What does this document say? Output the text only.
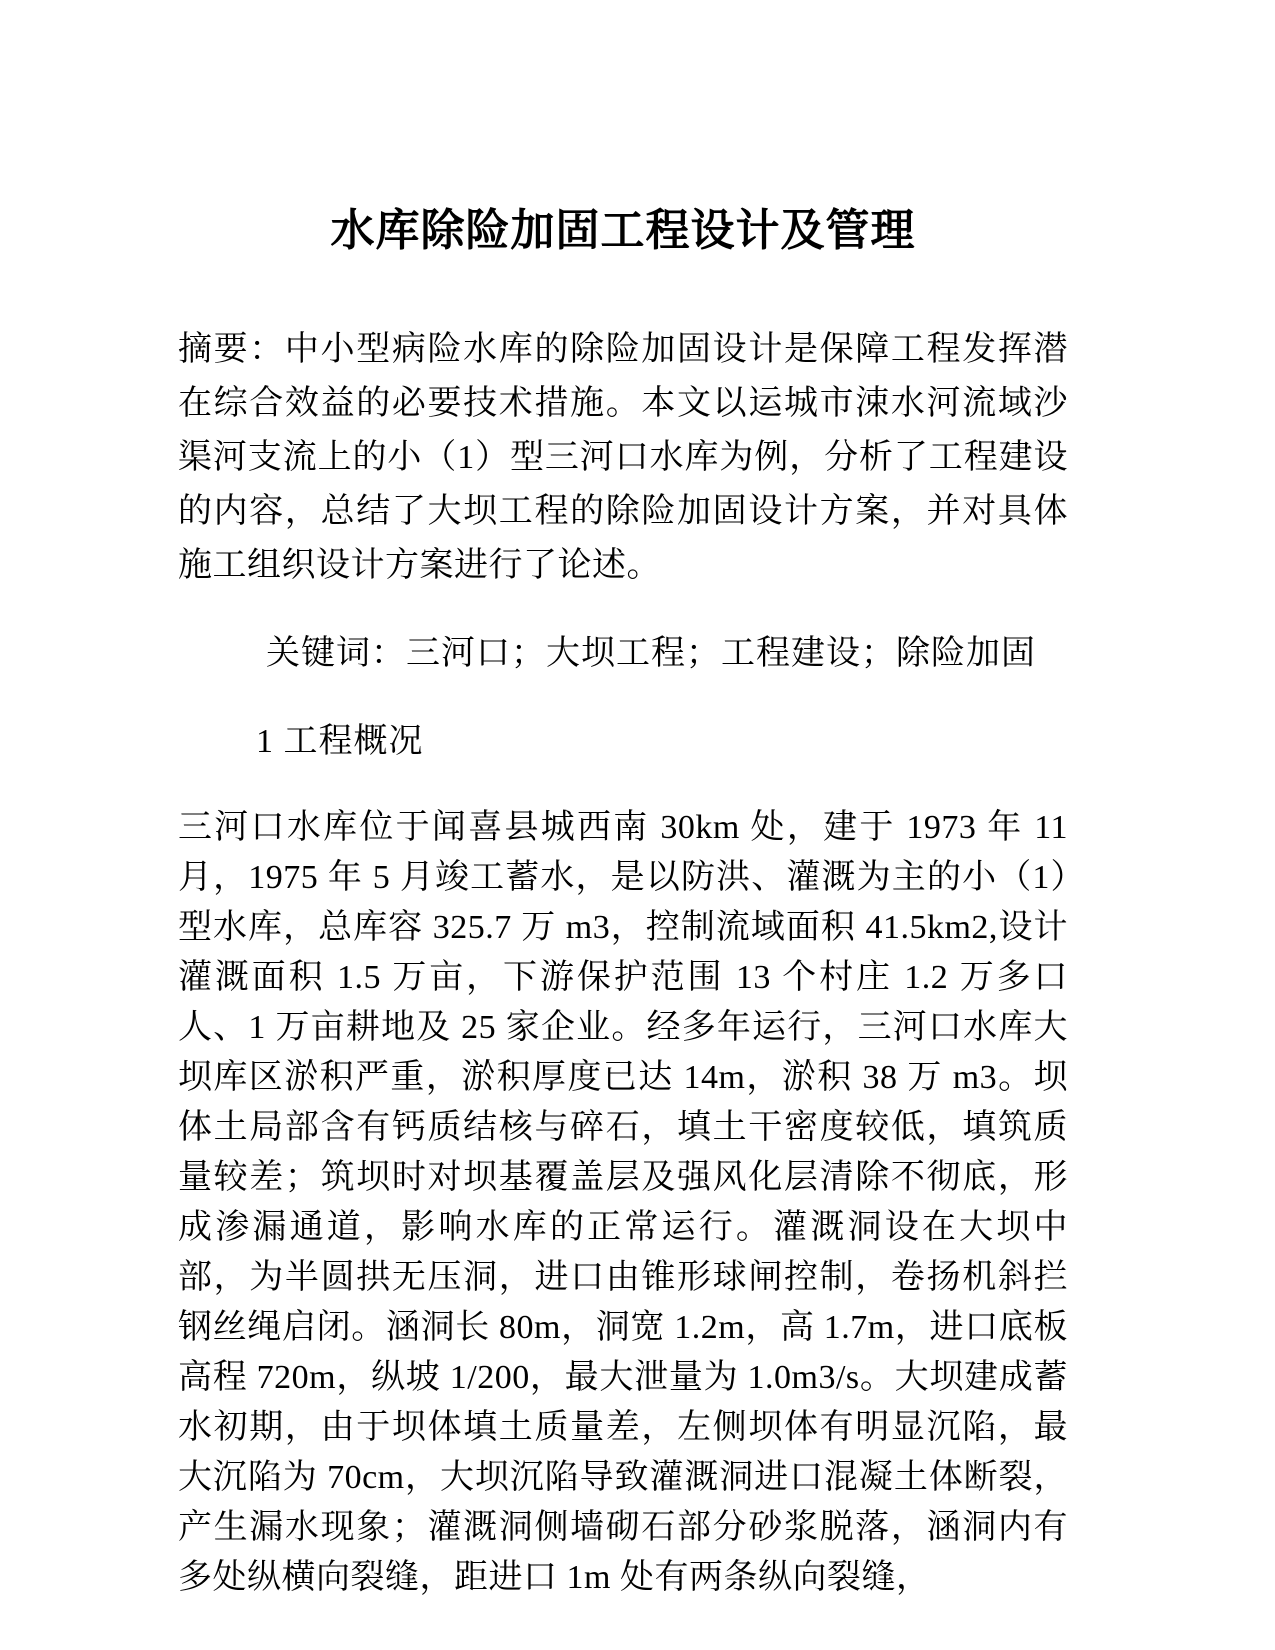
水库除险加固工程设计及管理

摘要：中小型病险水库的除险加固设计是保障工程发挥潜在综合效益的必要技术措施。本文以运城市涑水河流域沙渠河支流上的小（1）型三河口水库为例，分析了工程建设的内容，总结了大坝工程的除险加固设计方案，并对具体施工组织设计方案进行了论述。

关键词：三河口；大坝工程；工程建设；除险加固

1 工程概况

三河口水库位于闻喜县城西南 30km 处，建于 1973 年 11 月，1975 年 5 月竣工蓄水，是以防洪、灌溉为主的小（1）型水库，总库容 325.7 万 m3，控制流域面积 41.5km2,设计灌溉面积 1.5 万亩，下游保护范围 13 个村庄 1.2 万多口人、1 万亩耕地及 25 家企业。经多年运行，三河口水库大坝库区淤积严重，淤积厚度已达 14m，淤积 38 万 m3。坝体土局部含有钙质结核与碎石，填土干密度较低，填筑质量较差；筑坝时对坝基覆盖层及强风化层清除不彻底，形成渗漏通道，影响水库的正常运行。灌溉洞设在大坝中部，为半圆拱无压洞，进口由锥形球闸控制，卷扬机斜拦钢丝绳启闭。涵洞长 80m，洞宽 1.2m，高 1.7m，进口底板高程 720m，纵坡 1/200，最大泄量为 1.0m3/s。大坝建成蓄水初期，由于坝体填土质量差，左侧坝体有明显沉陷，最大沉陷为 70cm，大坝沉陷导致灌溉洞进口混凝土体断裂，产生漏水现象；灌溉洞侧墙砌石部分砂浆脱落，涵洞内有多处纵横向裂缝，距进口 1m 处有两条纵向裂缝，
